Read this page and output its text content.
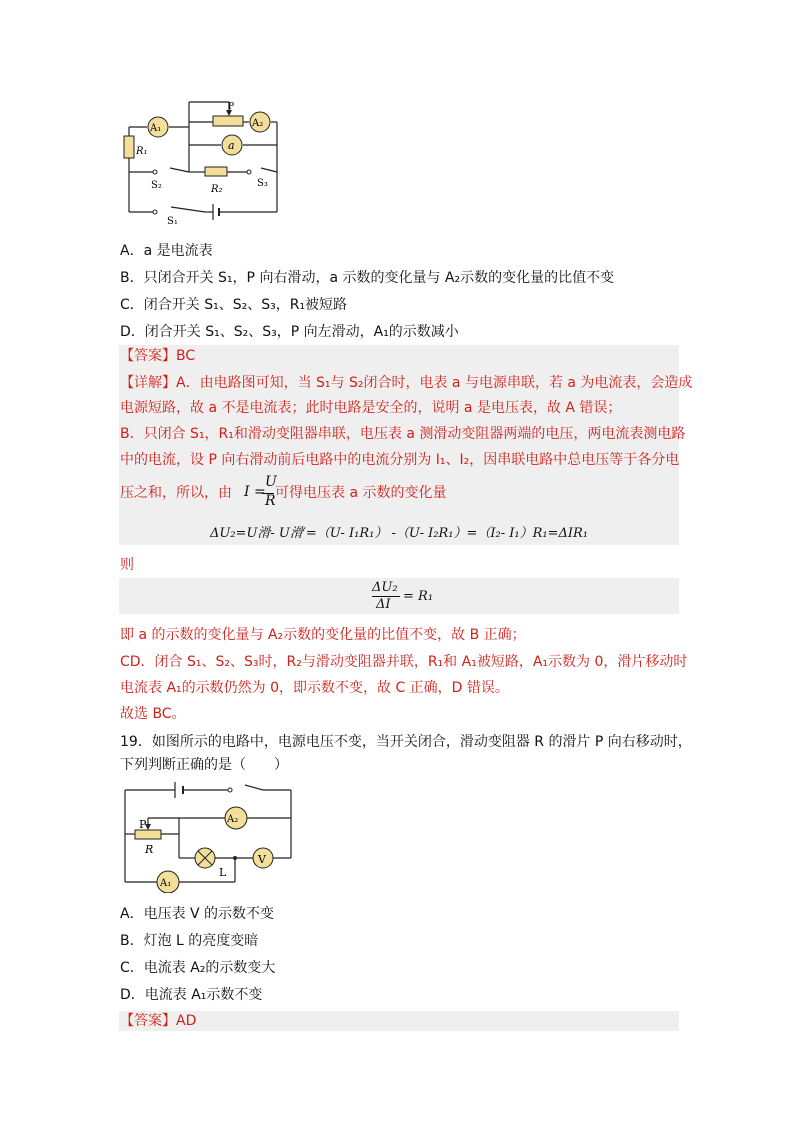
R₁
A₁
P
A₂
a
R₂
S₂	S₃
S₁
A．a 是电流表
B．只闭合开关 S₁，P 向右滑动，a 示数的变化量与 A₂示数的变化量的比值不变
C．闭合开关 S₁、S₂、S₃，R₁被短路
D．闭合开关 S₁、S₂、S₃，P 向左滑动，A₁的示数减小
【答案】BC
【详解】A．由电路图可知，当 S₁与 S₂闭合时，电表 a 与电源串联，若 a 为电流表，会造成
电源短路，故 a 不是电流表；此时电路是安全的，说明 a 是电压表，故 A 错误；
B．只闭合 S₁，R₁和滑动变阻器串联，电压表 a 测滑动变阻器两端的电压，两电流表测电路
中的电流，设 P 向右滑动前后电路中的电流分别为 I₁、I₂，因串联电路中总电压等于各分电
压之和，所以，由 I =
U
R 可得电压表 a 示数的变化量
ΔU₂=U滑- U滑′=（U- I₁R₁） -（U- I₂R₁）=（I₂- I₁）R₁=ΔIR₁
则
ΔU₂
ΔI
= R₁
即 a 的示数的变化量与 A₂示数的变化量的比值不变，故 B 正确；
CD．闭合 S₁、S₂、S₃时，R₂与滑动变阻器并联，R₁和 A₁被短路，A₁示数为 0，滑片移动时
电流表 A₁的示数仍然为 0，即示数不变，故 C 正确，D 错误。
故选 BC。
19．如图所示的电路中，电源电压不变，当开关闭合，滑动变阻器 R 的滑片 P 向右移动时，
下列判断正确的是（　　）
P
R
A₂
L
V
A₁
A．电压表 V 的示数不变
B．灯泡 L 的亮度变暗
C．电流表 A₂的示数变大
D．电流表 A₁示数不变
【答案】AD
